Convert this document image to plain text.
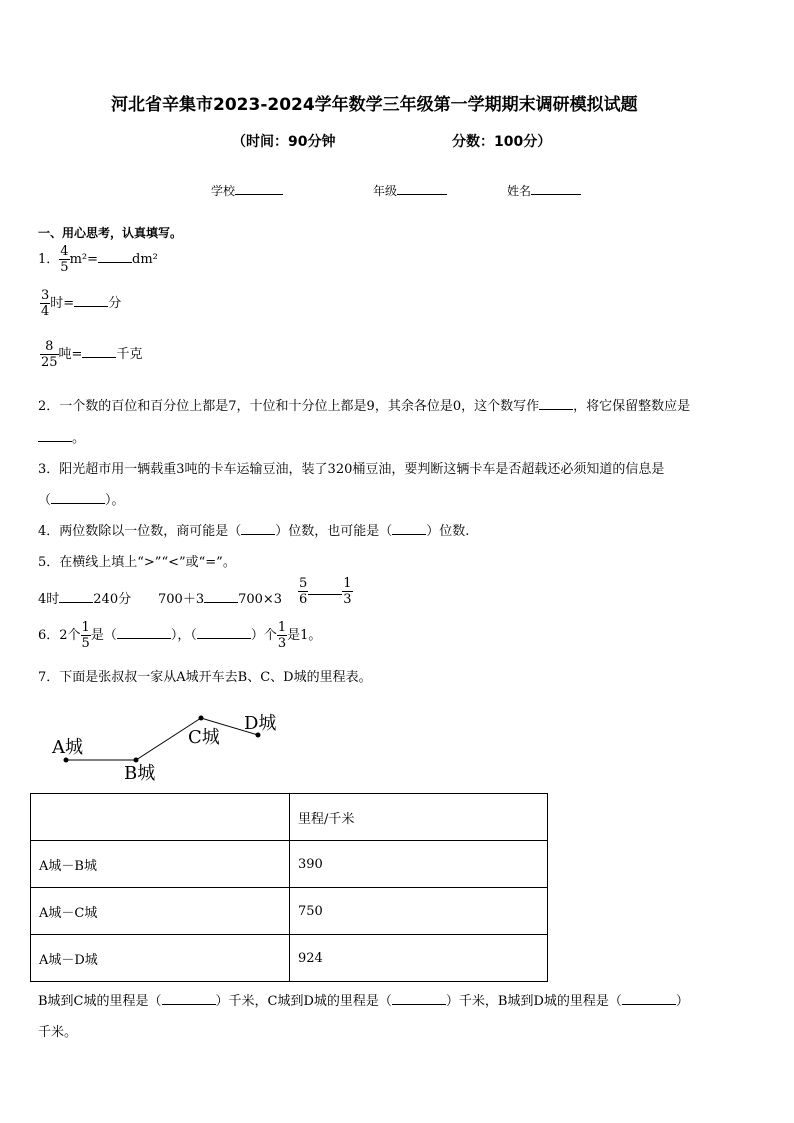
河北省辛集市2023-2024学年数学三年级第一学期期末调研模拟试题
（时间：90分钟	分数：100分）
学校	年级	姓名
一、用心思考，认真填写。
1． $\frac{4}{5} m^2=$	dm²
$\frac{3}{4}$ 时=	分
$\frac{8}{25}$ 吨=	千克
2．一个数的百位和百分位上都是7，十位和十分位上都是9，其余各位是0，这个数写作	，将它保留整数应是
。
3．阳光超市用一辆载重3吨的卡车运输豆油，装了320桶豆油，要判断这辆卡车是否超载还必须知道的信息是
（	）。
4．两位数除以一位数，商可能是（	）位数，也可能是（	）位数.
5．在横线上填上“>”“<”或“=”。
4时	240分 700＋3	$700\times 3 \frac{5}{6}$	$\frac{1}{3}$
6．2个 $\frac{1}{5}$ 是（	），（	）个 $\frac{1}{3}$ 是1。
7．下面是张叔叔一家从A城开车去B、C、D城的里程表。
A城
B城
C城
D城
	里程/千米
A城－B城	390
A城－C城	750
A城－D城	924
B城到C城的里程是（	）千米，C城到D城的里程是（	）千米，B城到D城的里程是（	）
千米。
